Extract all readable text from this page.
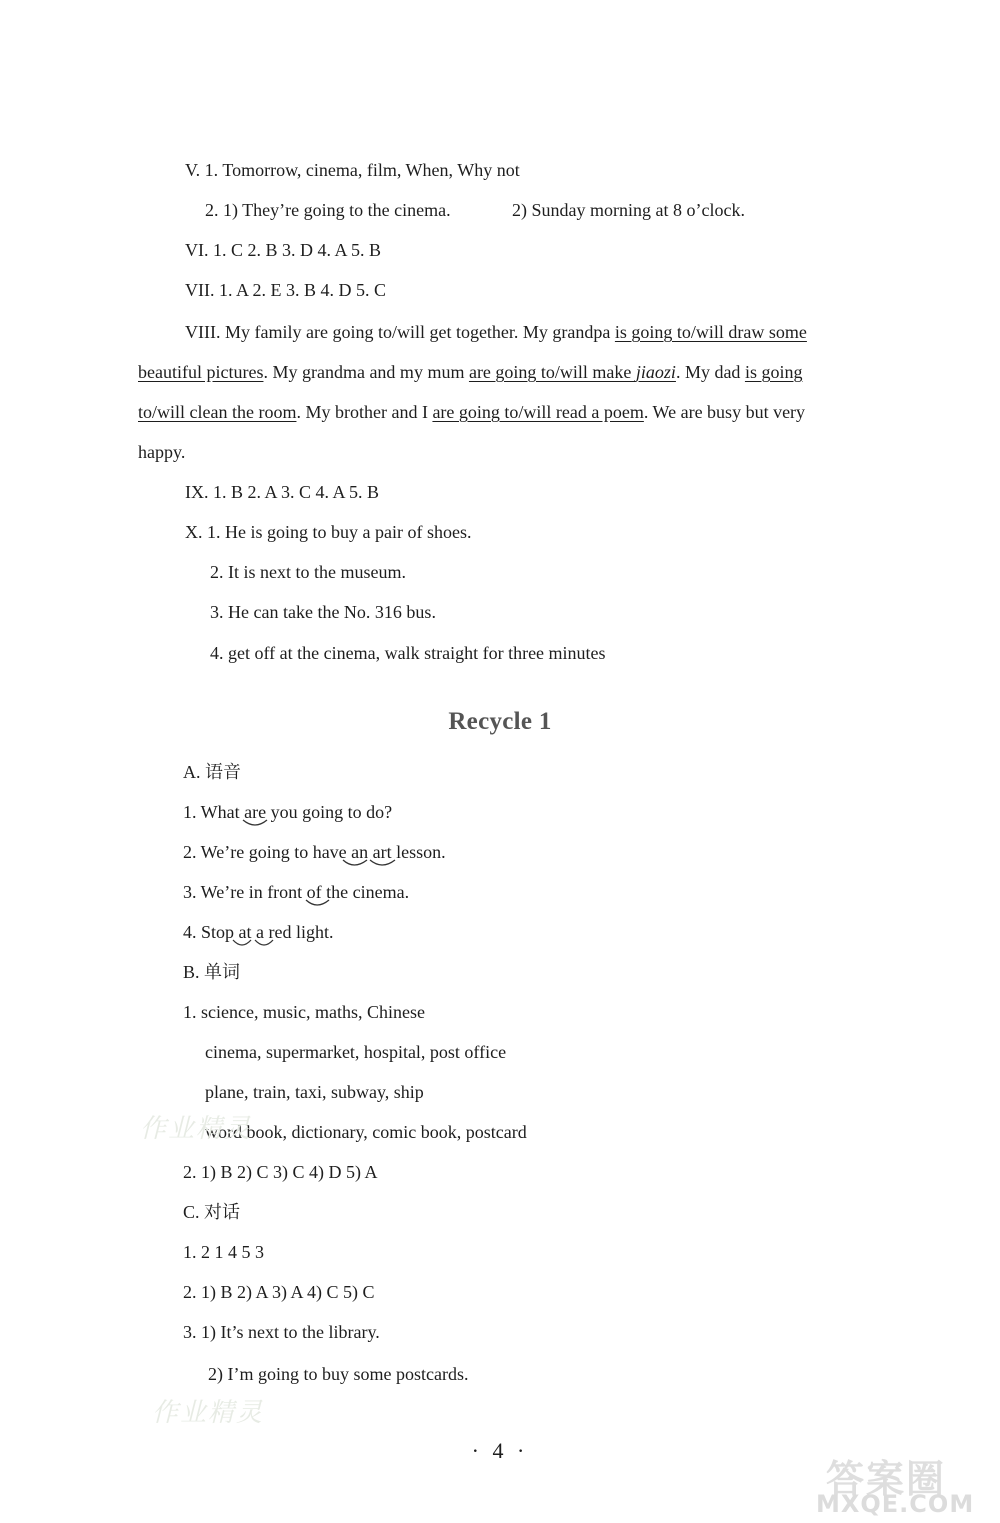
V. 1. Tomorrow, cinema, film, When, Why not
2. 1) They’re going to the cinema.	2) Sunday morning at 8 o’clock.
VI. 1. C 2. B 3. D 4. A 5. B
VII. 1. A 2. E 3. B 4. D 5. C
VIII. My family are going to/will get together. My grandpa is going to/will draw some
beautiful pictures. My grandma and my mum are going to/will make jiaozi. My dad is going
to/will clean the room. My brother and I are going to/will read a poem. We are busy but very
happy.
IX. 1. B 2. A 3. C 4. A 5. B
X. 1. He is going to buy a pair of shoes.
2. It is next to the museum.
3. He can take the No. 316 bus.
4. get off at the cinema, walk straight for three minutes
Recycle 1
A. 语音
1. What are you going to do?
2. We’re going to have an art lesson.
3. We’re in front of the cinema.
4. Stop at a red light.
B. 单词
1. science, music, maths, Chinese
cinema, supermarket, hospital, post office
plane, train, taxi, subway, ship
word book, dictionary, comic book, postcard
2. 1) B 2) C 3) C 4) D 5) A
C. 对话
1. 2 1 4 5 3
2. 1) B 2) A 3) A 4) C 5) C
3. 1) It’s next to the library.
2) I’m going to buy some postcards.
作业精灵
作业精灵
· 4 ·
答案圈
MXQE.COM
